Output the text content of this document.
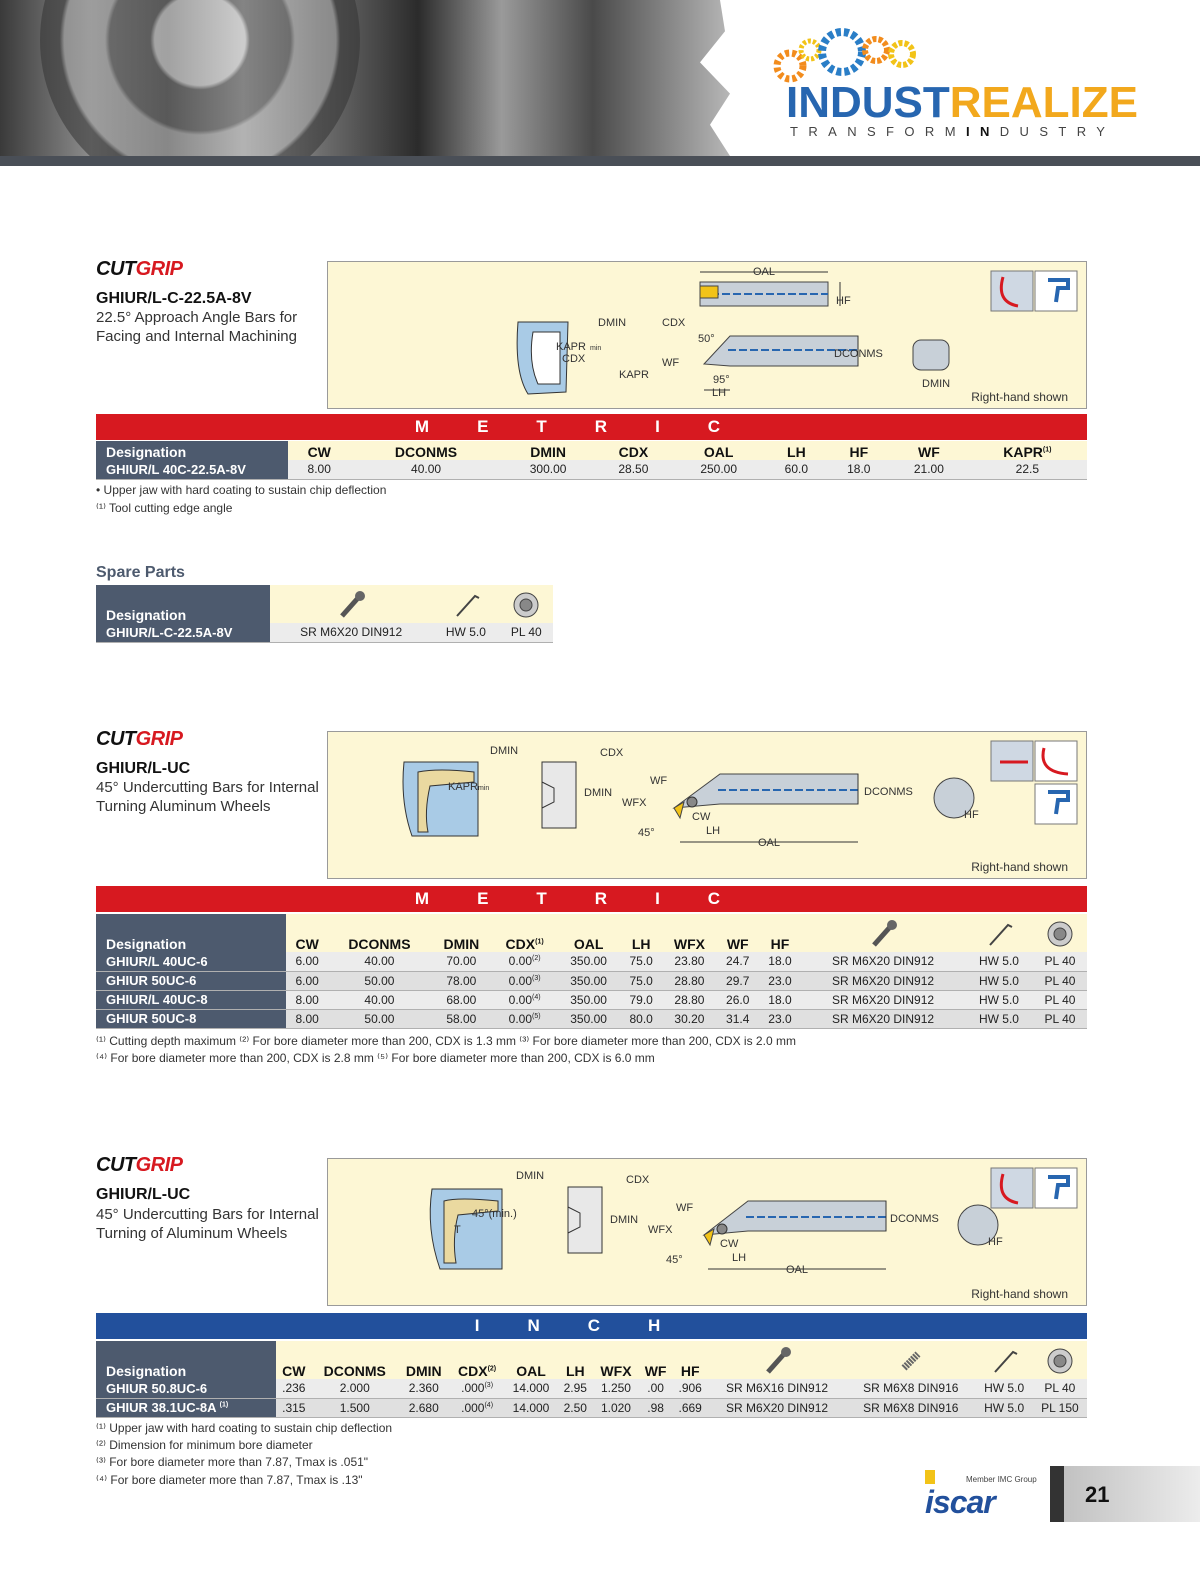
INDUSTREALIZE
TRANSFORMINDUSTRY
CUTGRIP
GHIUR/L-C-22.5A-8V
22.5° Approach Angle Bars for Facing and Internal Machining
OAL
HF
DMIN	CDX
KAPR min
CDX
50°
WF
KAPR	95°
LH
DCONMS
DMIN
Right-hand shown
METRIC
Designation	CW	DCONMS	DMIN	CDX	OAL	LH	HF	WF	KAPR$^{(1)}$
GHIUR/L 40C-22.5A-8V	8.00	40.00	300.00	28.50	250.00	60.0	18.0	21.00	22.5
• Upper jaw with hard coating to sustain chip deflection
⁽¹⁾ Tool cutting edge angle
Spare Parts
Designation			
GHIUR/L-C-22.5A-8V	SR M6X20 DIN912	HW 5.0	PL 40
CUTGRIP
GHIUR/L-UC
45° Undercutting Bars for Internal Turning Aluminum Wheels
DMIN
KAPR min
CDX
DMIN
WF
WFX
45°
CW
LH
OAL
DCONMS
HF
Right-hand shown
METRIC
Designation	CW	DCONMS	DMIN	CDX$^{(1)}$	OAL	LH	WFX	WF	HF			
GHIUR/L 40UC-6	6.00	40.00	70.00	0.00$^{(2)}$	350.00	75.0	23.80	24.7	18.0	SR M6X20 DIN912	HW 5.0	PL 40
GHIUR 50UC-6	6.00	50.00	78.00	0.00$^{(3)}$	350.00	75.0	28.80	29.7	23.0	SR M6X20 DIN912	HW 5.0	PL 40
GHIUR/L 40UC-8	8.00	40.00	68.00	0.00$^{(4)}$	350.00	79.0	28.80	26.0	18.0	SR M6X20 DIN912	HW 5.0	PL 40
GHIUR 50UC-8	8.00	50.00	58.00	0.00$^{(5)}$	350.00	80.0	30.20	31.4	23.0	SR M6X20 DIN912	HW 5.0	PL 40
⁽¹⁾ Cutting depth maximum ⁽²⁾ For bore diameter more than 200, CDX is 1.3 mm ⁽³⁾ For bore diameter more than 200, CDX is 2.0 mm
⁽⁴⁾ For bore diameter more than 200, CDX is 2.8 mm ⁽⁵⁾ For bore diameter more than 200, CDX is 6.0 mm
CUTGRIP
GHIUR/L-UC
45° Undercutting Bars for Internal Turning of Aluminum Wheels
DMIN
45°(min.)
T
CDX
DMIN
WF
WFX
45°
CW
LH
OAL
DCONMS
HF
Right-hand shown
INCH
Designation	CW	DCONMS	DMIN	CDX$^{(2)}$	OAL	LH	WFX	WF	HF				
GHIUR 50.8UC-6	.236	2.000	2.360	.000$^{(3)}$	14.000	2.95	1.250	.00	.906	SR M6X16 DIN912	SR M6X8 DIN916	HW 5.0	PL 40
GHIUR 38.1UC-8A $^{(1)}$	.315	1.500	2.680	.000$^{(4)}$	14.000	2.50	1.020	.98	.669	SR M6X20 DIN912	SR M6X8 DIN916	HW 5.0	PL 150
⁽¹⁾ Upper jaw with hard coating to sustain chip deflection
⁽²⁾ Dimension for minimum bore diameter
⁽³⁾ For bore diameter more than 7.87, Tmax is .051"
⁽⁴⁾ For bore diameter more than 7.87, Tmax is .13"	Member IMC Group
iscar	21
